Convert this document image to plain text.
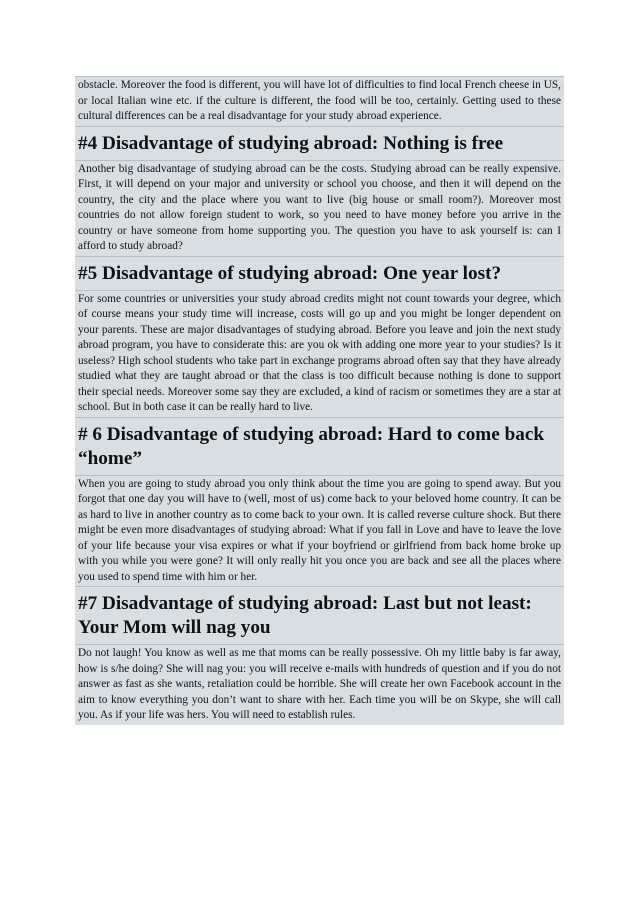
obstacle. Moreover the food is different, you will have lot of difficulties to find local French cheese in US, or local Italian wine etc. if the culture is different, the food will be too, certainly. Getting used to these cultural differences can be a real disadvantage for your study abroad experience.
#4 Disadvantage of studying abroad: Nothing is free
Another big disadvantage of studying abroad can be the costs. Studying abroad can be really expensive. First, it will depend on your major and university or school you choose, and then it will depend on the country, the city and the place where you want to live (big house or small room?). Moreover most countries do not allow foreign student to work, so you need to have money before you arrive in the country or have someone from home supporting you. The question you have to ask yourself is: can I afford to study abroad?
#5 Disadvantage of studying abroad: One year lost?
For some countries or universities your study abroad credits might not count towards your degree, which of course means your study time will increase, costs will go up and you might be longer dependent on your parents. These are major disadvantages of studying abroad. Before you leave and join the next study abroad program, you have to considerate this: are you ok with adding one more year to your studies? Is it useless? High school students who take part in exchange programs abroad often say that they have already studied what they are taught abroad or that the class is too difficult because nothing is done to support their special needs. Moreover some say they are excluded, a kind of racism or sometimes they are a star at school. But in both case it can be really hard to live.
# 6 Disadvantage of studying abroad: Hard to come back “home”
When you are going to study abroad you only think about the time you are going to spend away. But you forgot that one day you will have to (well, most of us) come back to your beloved home country. It can be as hard to live in another country as to come back to your own. It is called reverse culture shock. But there might be even more disadvantages of studying abroad: What if you fall in Love and have to leave the love of your life because your visa expires or what if your boyfriend or girlfriend from back home broke up with you while you were gone? It will only really hit you once you are back and see all the places where you used to spend time with him or her.
#7 Disadvantage of studying abroad: Last but not least: Your Mom will nag you
Do not laugh! You know as well as me that moms can be really possessive. Oh my little baby is far away, how is s/he doing? She will nag you: you will receive e-mails with hundreds of question and if you do not answer as fast as she wants, retaliation could be horrible. She will create her own Facebook account in the aim to know everything you don’t want to share with her. Each time you will be on Skype, she will call you. As if your life was hers. You will need to establish rules.
